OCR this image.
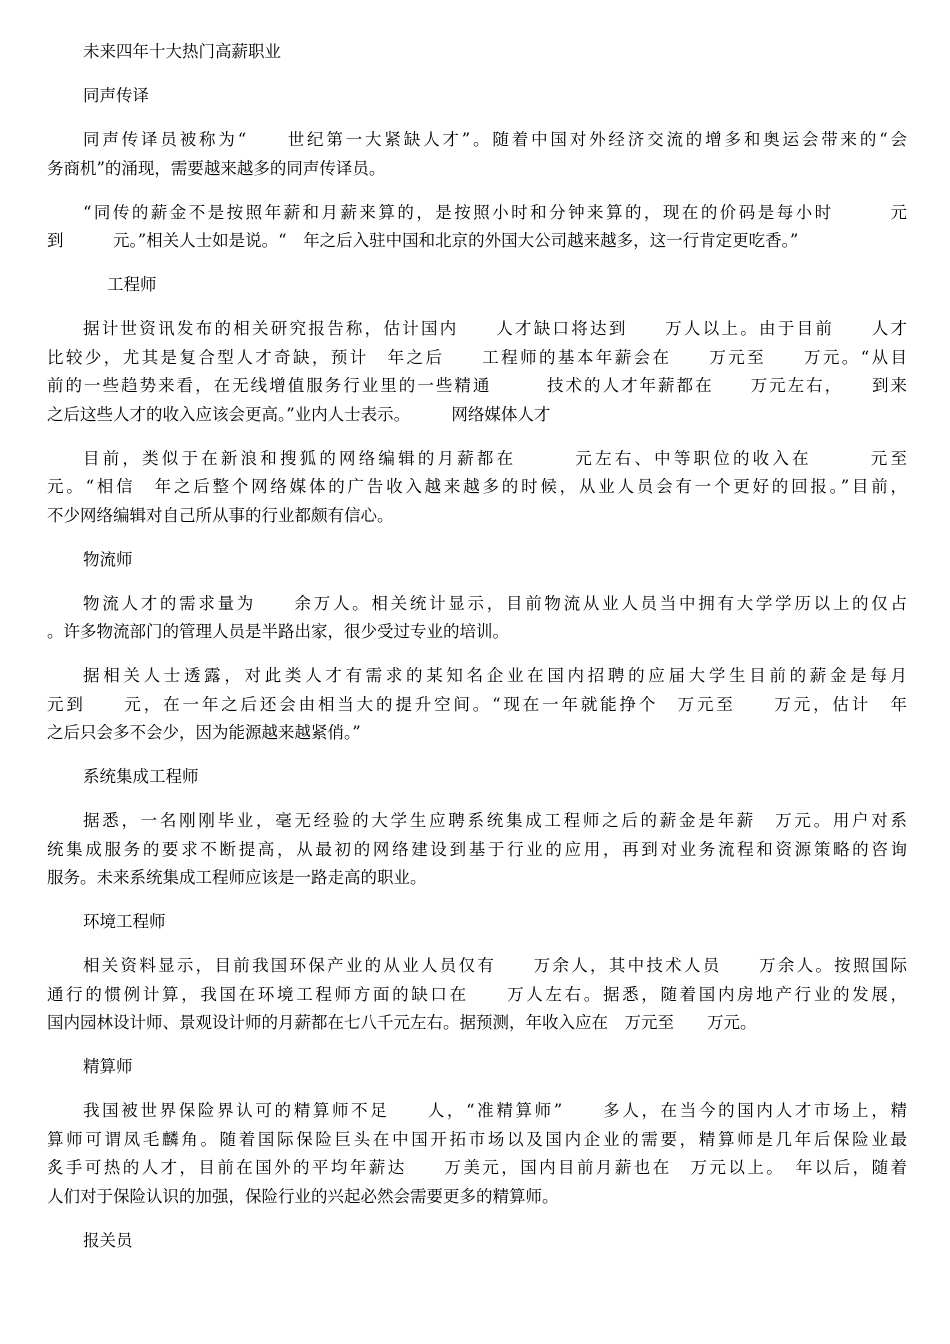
未来四年十大热门高薪职业
同声传译
同声传译员被称为“　　世纪第一大紧缺人才”。随着中国对外经济交流的增多和奥运会带来的“会
务商机”的涌现，需要越来越多的同声传译员。
“同传的薪金不是按照年薪和月薪来算的，是按照小时和分钟来算的，现在的价码是每小时　　　元
到　　　元。”相关人士如是说。“　年之后入驻中国和北京的外国大公司越来越多，这一行肯定更吃香。”
工程师
据计世资讯发布的相关研究报告称，估计国内　　人才缺口将达到　　万人以上。由于目前　　人才
比较少，尤其是复合型人才奇缺，预计　年之后　　工程师的基本年薪会在　　万元至　　万元。“从目
前的一些趋势来看，在无线增值服务行业里的一些精通　　　技术的人才年薪都在　　万元左右，　　到来
之后这些人才的收入应该会更高。”业内人士表示。　　　网络媒体人才
目前，类似于在新浪和搜狐的网络编辑的月薪都在　　　元左右、中等职位的收入在　　　元至
元。“相信　年之后整个网络媒体的广告收入越来越多的时候，从业人员会有一个更好的回报。”目前，
不少网络编辑对自己所从事的行业都颇有信心。
物流师
物流人才的需求量为　　余万人。相关统计显示，目前物流从业人员当中拥有大学学历以上的仅占
。许多物流部门的管理人员是半路出家，很少受过专业的培训。
据相关人士透露，对此类人才有需求的某知名企业在国内招聘的应届大学生目前的薪金是每月
元到　　元，在一年之后还会由相当大的提升空间。“现在一年就能挣个　万元至　　万元，估计　年
之后只会多不会少，因为能源越来越紧俏。”
系统集成工程师
据悉，一名刚刚毕业，毫无经验的大学生应聘系统集成工程师之后的薪金是年薪　万元。用户对系
统集成服务的要求不断提高，从最初的网络建设到基于行业的应用，再到对业务流程和资源策略的咨询
服务。未来系统集成工程师应该是一路走高的职业。
环境工程师
相关资料显示，目前我国环保产业的从业人员仅有　　万余人，其中技术人员　　万余人。按照国际
通行的惯例计算，我国在环境工程师方面的缺口在　　万人左右。据悉，随着国内房地产行业的发展，
国内园林设计师、景观设计师的月薪都在七八千元左右。据预测，年收入应在　万元至　　万元。
精算师
我国被世界保险界认可的精算师不足　　人，“准精算师”　　多人，在当今的国内人才市场上，精
算师可谓凤毛麟角。随着国际保险巨头在中国开拓市场以及国内企业的需要，精算师是几年后保险业最
炙手可热的人才，目前在国外的平均年薪达　　万美元，国内目前月薪也在　万元以上。　年以后，随着
人们对于保险认识的加强，保险行业的兴起必然会需要更多的精算师。
报关员
